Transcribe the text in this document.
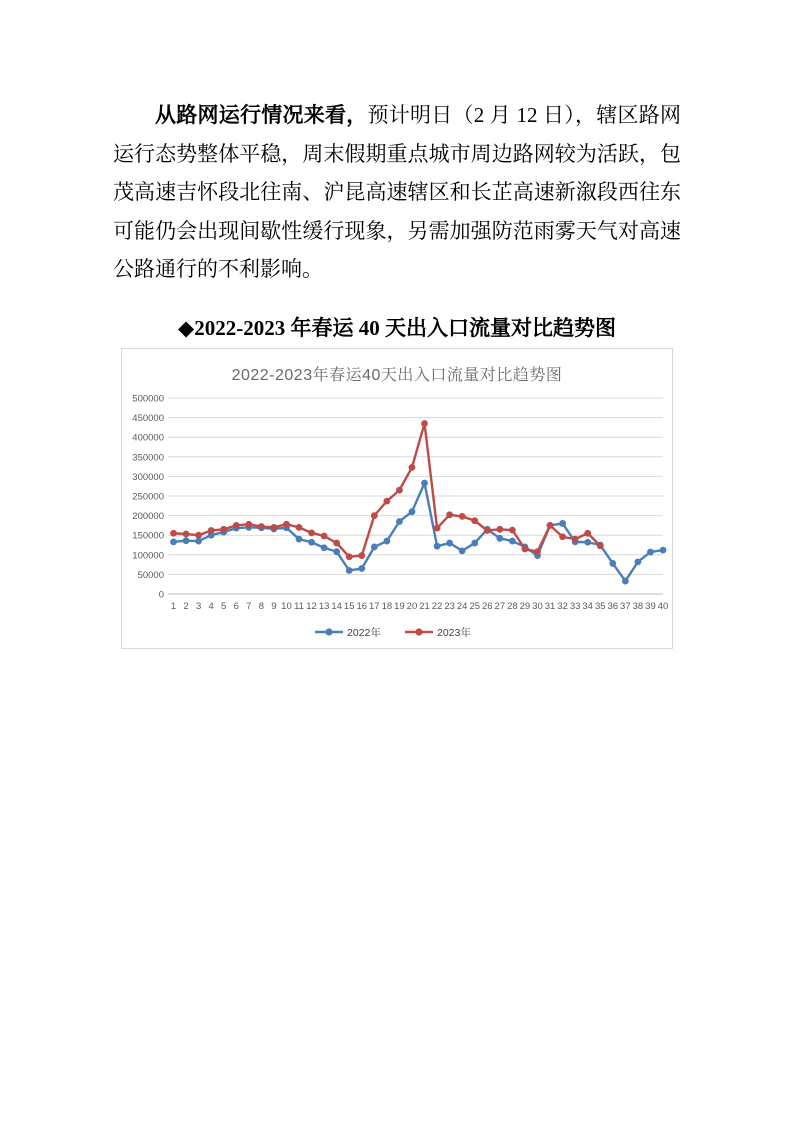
从路网运行情况来看，预计明日（2 月 12 日），辖区路网运行态势整体平稳，周末假期重点城市周边路网较为活跃，包茂高速吉怀段北往南、沪昆高速辖区和长芷高速新溆段西往东可能仍会出现间歇性缓行现象，另需加强防范雨雾天气对高速公路通行的不利影响。

◆2022-2023 年春运 40 天出入口流量对比趋势图
0
50000
100000
150000
200000
250000
300000
350000
400000
450000
500000
1 2 3 4 5 6 7 8 9 10 11 12 13 14 15 16 17 18 19 20 21 22 23 24 25 26 27 28 29 30 31 32 33 34 35 36 37 38 39 40
2022年	2023年
2022-2023年春运40天出入口流量对比趋势图
